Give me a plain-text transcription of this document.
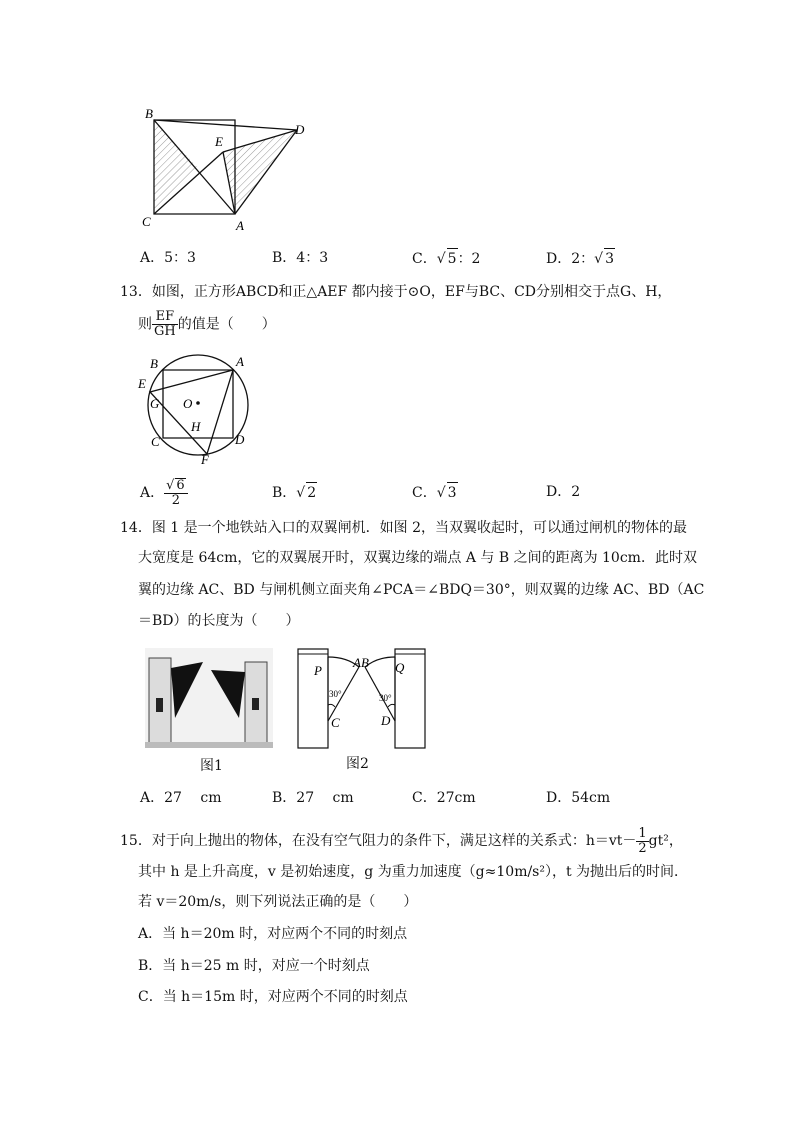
B
D
E
C	A
A．5：3	B．4：3	C．√ 5：2	D．2：√ 3
13．如图，正方形ABCD和正△AEF 都内接于⊙O，EF与BC、CD分别相交于点G、H，
则 $\frac{EF}{GH}$ 的值是（　　）
B	A
E
G O
C
H
D
F
A． $\frac{√ 6}{2}$	B．√ 2	C．√ 3	D．2
14．图 1 是一个地铁站入口的双翼闸机．如图 2，当双翼收起时，可以通过闸机的物体的最
大宽度是 64cm，它的双翼展开时，双翼边缘的端点 A 与 B 之间的距离为 10cm．此时双
翼的边缘 AC、BD 与闸机侧立面夹角∠PCA＝∠BDQ＝30°，则双翼的边缘 AC、BD（AC
＝BD）的长度为（　　）
图1
P
AB Q
30°	30°
C	D
图2
A．27　 cm	B．27　 cm	C．27cm	D．54cm
15．对于向上抛出的物体，在没有空气阻力的条件下，满足这样的关系式：$h=vt- \frac{1}{2} gt^2$，
其中 h 是上升高度，v 是初始速度，g 为重力加速度（g≈10m/s²），t 为抛出后的时间．
若 v＝20m/s，则下列说法正确的是（　　）
A．当 h＝20m 时，对应两个不同的时刻点
B．当 h＝25 m 时，对应一个时刻点
C．当 h＝15m 时，对应两个不同的时刻点
